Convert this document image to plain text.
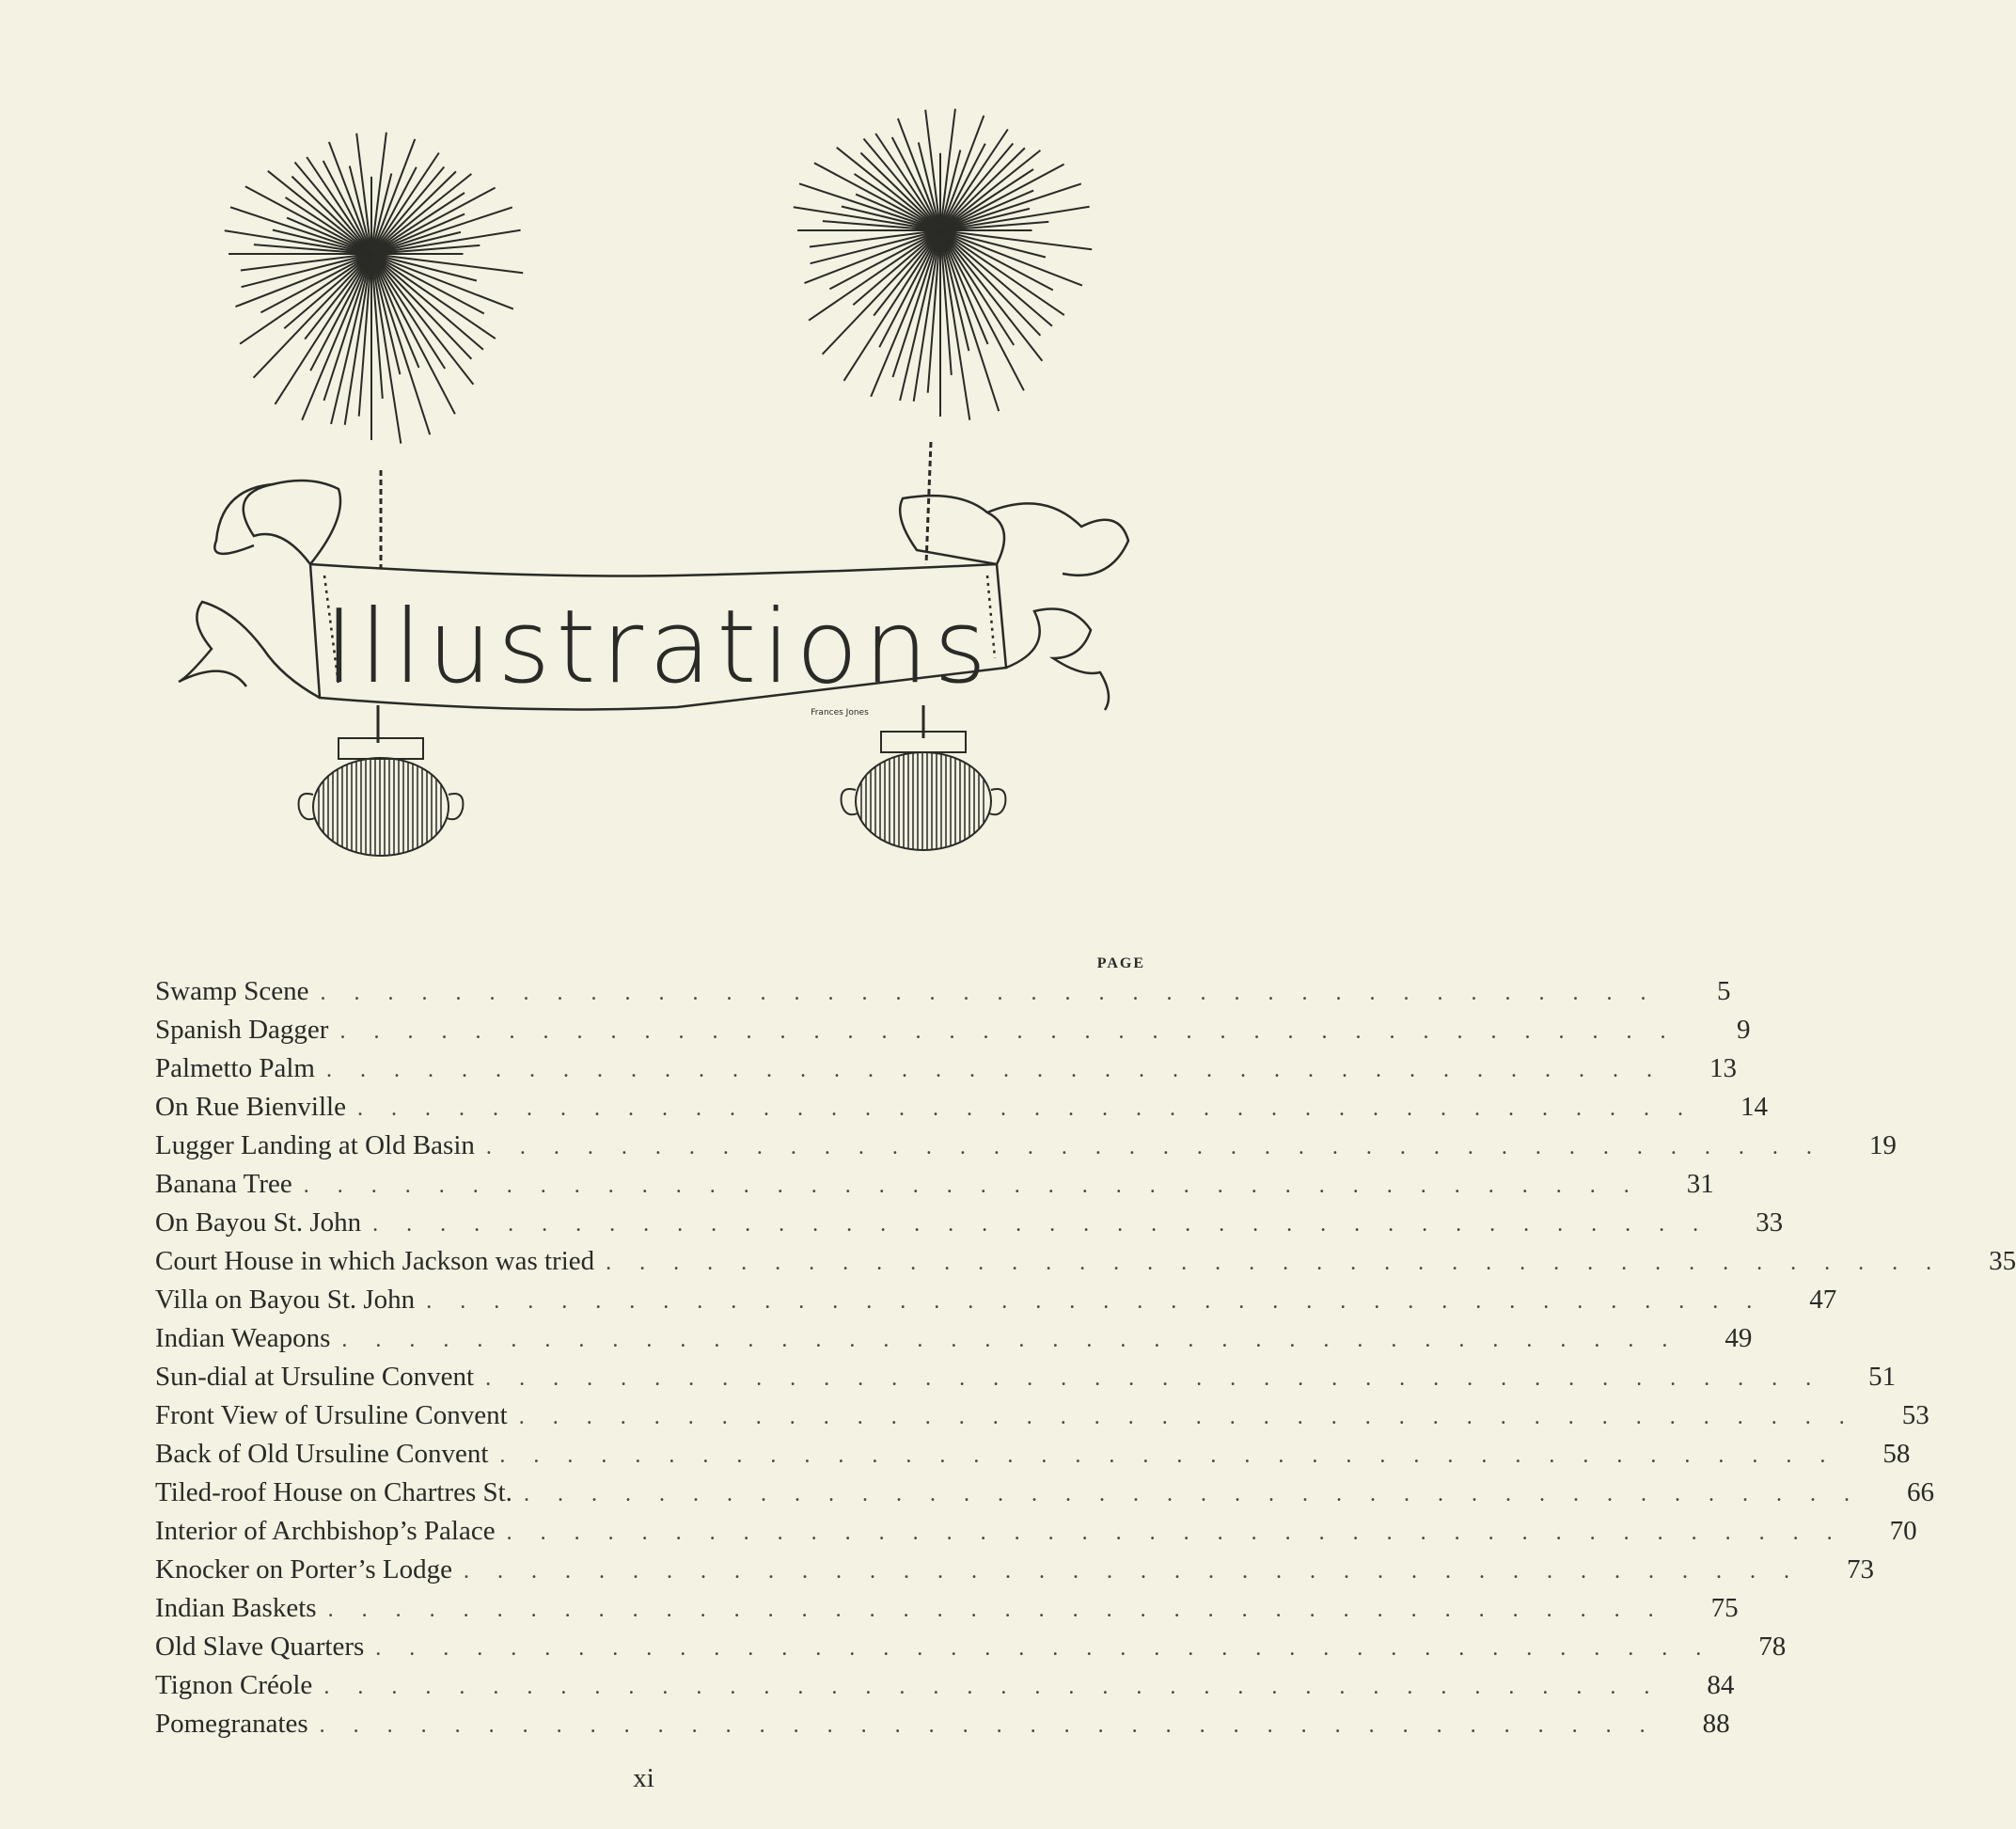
Illustrations
Frances Jones
PAGE
Swamp Scene ........................................	5
Spanish Dagger ........................................	9
Palmetto Palm ........................................	13
On Rue Bienville ........................................	14
Lugger Landing at Old Basin ........................................	19
Banana Tree ........................................	31
On Bayou St. John ........................................	33
Court House in which Jackson was tried ........................................	35
Villa on Bayou St. John ........................................	47
Indian Weapons ........................................	49
Sun-dial at Ursuline Convent ........................................	51
Front View of Ursuline Convent ........................................	53
Back of Old Ursuline Convent ........................................	58
Tiled-roof House on Chartres St. ........................................	66
Interior of Archbishop’s Palace ........................................	70
Knocker on Porter’s Lodge ........................................	73
Indian Baskets ........................................	75
Old Slave Quarters ........................................	78
Tignon Créole ........................................	84
Pomegranates ........................................	88
xi
